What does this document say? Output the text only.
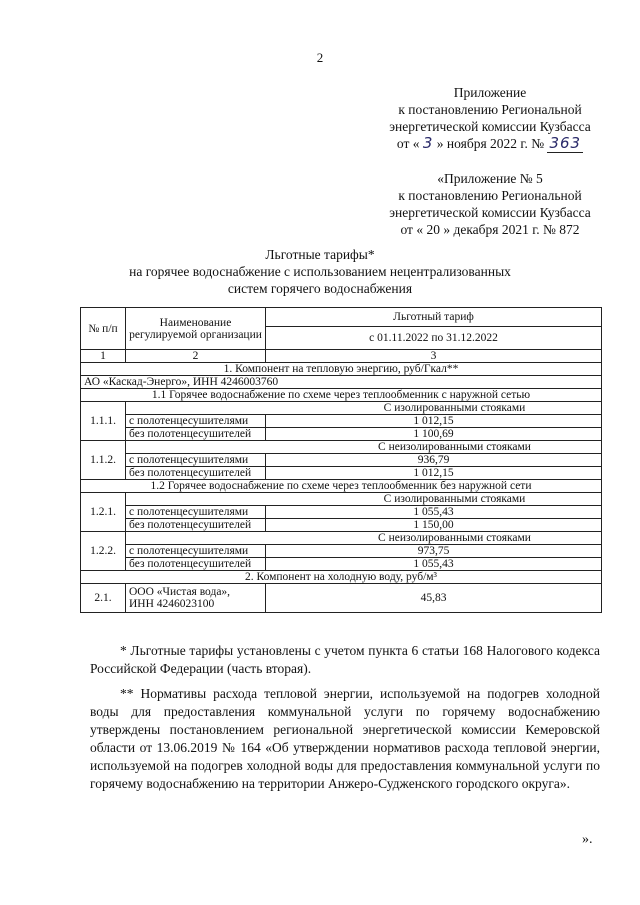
2
Приложение
к постановлению Региональной
энергетической комиссии Кузбасса
от « 3 » ноября 2022 г. № 363
«Приложение № 5
к постановлению Региональной
энергетической комиссии Кузбасса
от « 20 » декабря 2021 г. № 872
Льготные тарифы*
на горячее водоснабжение с использованием нецентрализованных
систем горячего водоснабжения
№ п/п	Наименование регулируемой организации	Льготный тариф
		с 01.11.2022 по 31.12.2022
1	2	3
1. Компонент на тепловую энергию, руб/Гкал**		
АО «Каскад-Энерго», ИНН 4246003760		
1.1 Горячее водоснабжение по схеме через теплообменник с наружной сетью		
1.1.1.	С изолированными стояками	
	с полотенцесушителями	1 012,15
	без полотенцесушителей	1 100,69
1.1.2.	С неизолированными стояками	
	с полотенцесушителями	936,79
	без полотенцесушителей	1 012,15
1.2 Горячее водоснабжение по схеме через теплообменник без наружной сети		
1.2.1.	С изолированными стояками	
	с полотенцесушителями	1 055,43
	без полотенцесушителей	1 150,00
1.2.2.	С неизолированными стояками	
	с полотенцесушителями	973,75
	без полотенцесушителей	1 055,43
2. Компонент на холодную воду, руб/м³		
2.1.	ООО «Чистая вода»,
ИНН 4246023100	45,83
* Льготные тарифы установлены с учетом пункта 6 статьи 168 Налогового кодекса Российской Федерации (часть вторая).
** Нормативы расхода тепловой энергии, используемой на подогрев холодной воды для предоставления коммунальной услуги по горячему водоснабжению утверждены постановлением региональной энергетической комиссии Кемеровской области от 13.06.2019 № 164 «Об утверждении нормативов расхода тепловой энергии, используемой на подогрев холодной воды для предоставления коммунальной услуги по горячему водоснабжению на территории Анжеро-Судженского городского округа».
».
